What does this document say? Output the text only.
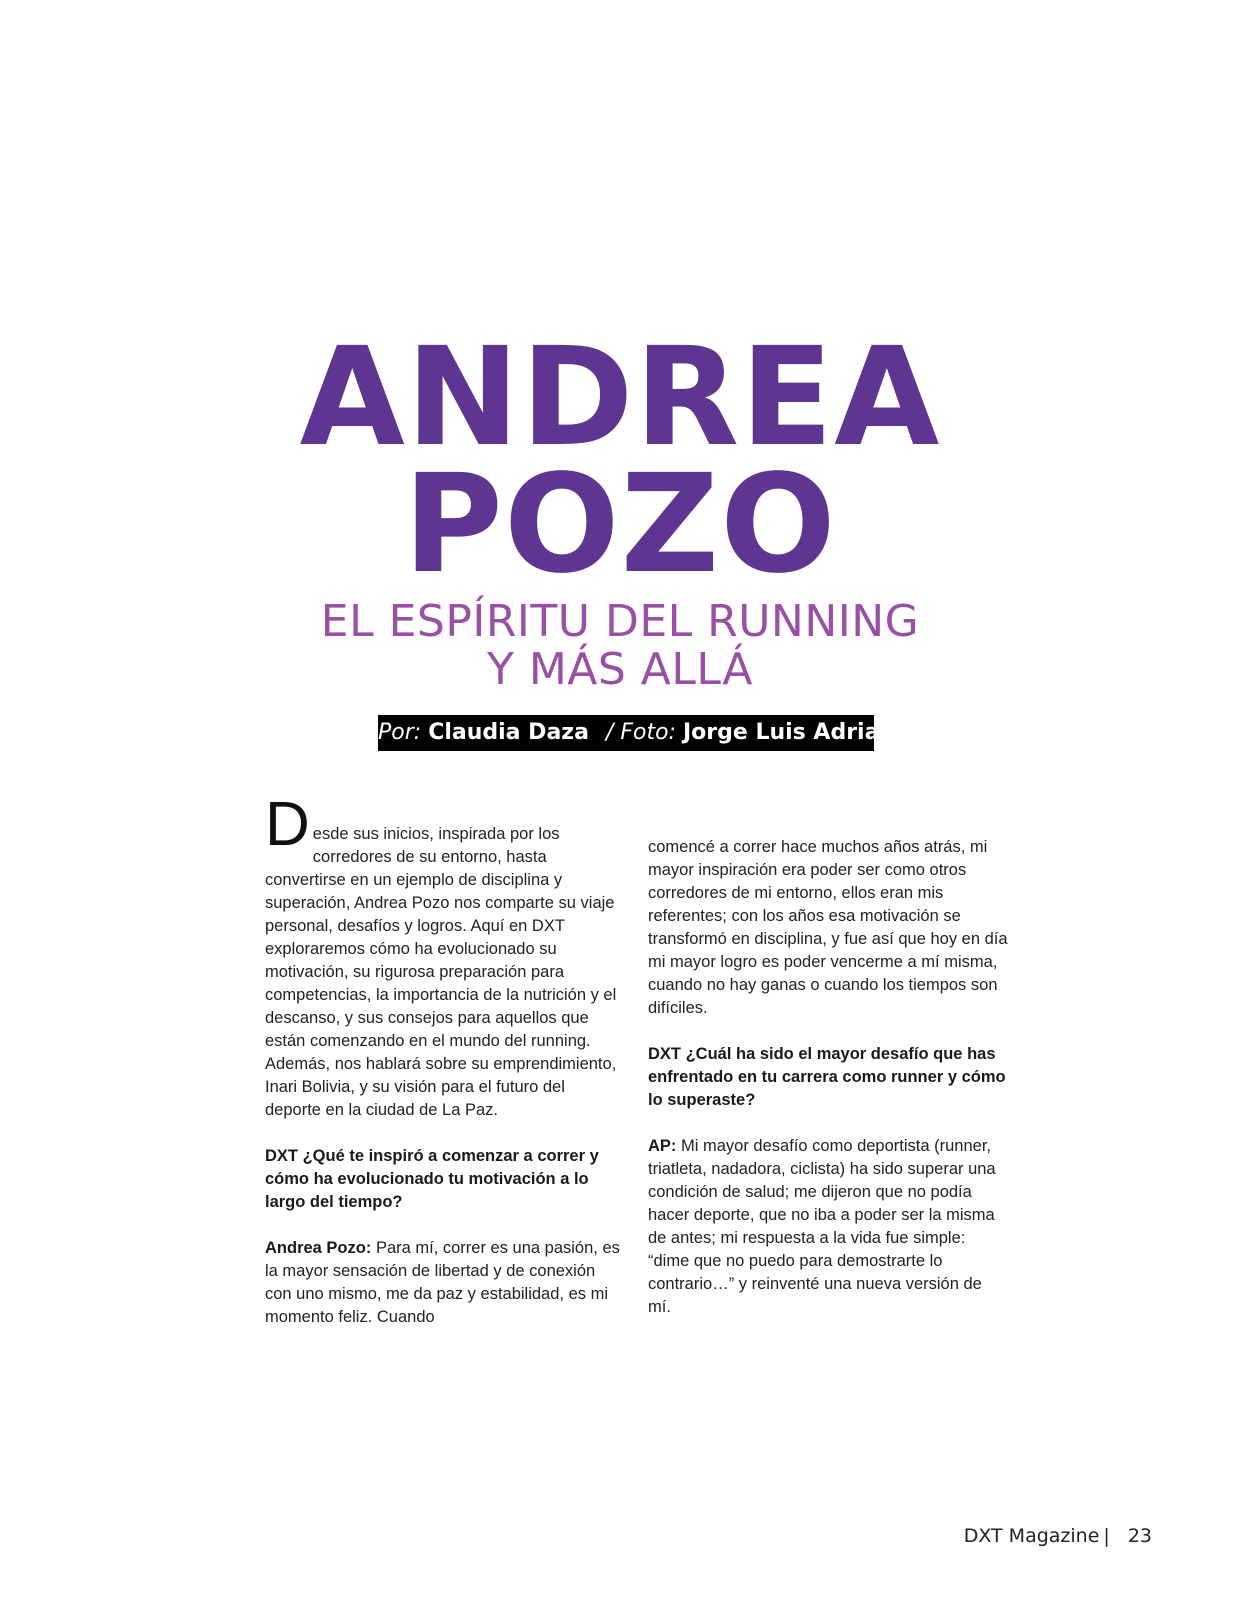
ANDREA
POZO
EL ESPÍRITU DEL RUNNING
Y MÁS ALLÁ
Por: Claudia Daza / Foto: Jorge Luis Adrian

D esde sus inicios, inspirada por los
corredores de su entorno, hasta convertirse en un ejemplo de disciplina y superación, Andrea Pozo nos comparte su viaje personal, desafíos y logros. Aquí en DXT exploraremos cómo ha evolucionado su motivación, su rigurosa preparación para competencias, la importancia de la nutrición y el descanso, y sus consejos para aquellos que están comenzando en el mundo del running. Además, nos hablará sobre su emprendimiento, Inari Bolivia, y su visión para el futuro del deporte en la ciudad de La Paz.

DXT ¿Qué te inspiró a comenzar a correr y cómo ha evolucionado tu motivación a lo largo del tiempo?

Andrea Pozo: Para mí, correr es una pasión, es la mayor sensación de libertad y de conexión con uno mismo, me da paz y estabilidad, es mi momento feliz. Cuando

comencé a correr hace muchos años atrás, mi mayor inspiración era poder ser como otros corredores de mi entorno, ellos eran mis referentes; con los años esa motivación se transformó en disciplina, y fue así que hoy en día mi mayor logro es poder vencerme a mí misma, cuando no hay ganas o cuando los tiempos son difíciles.

DXT ¿Cuál ha sido el mayor desafío que has enfrentado en tu carrera como runner y cómo lo superaste?

AP: Mi mayor desafío como deportista (runner, triatleta, nadadora, ciclista) ha sido superar una condición de salud; me dijeron que no podía hacer deporte, que no iba a poder ser la misma de antes; mi respuesta a la vida fue simple: “dime que no puedo para demostrarte lo contrario…” y reinventé una nueva versión de mí.

DXT Magazine | 23
